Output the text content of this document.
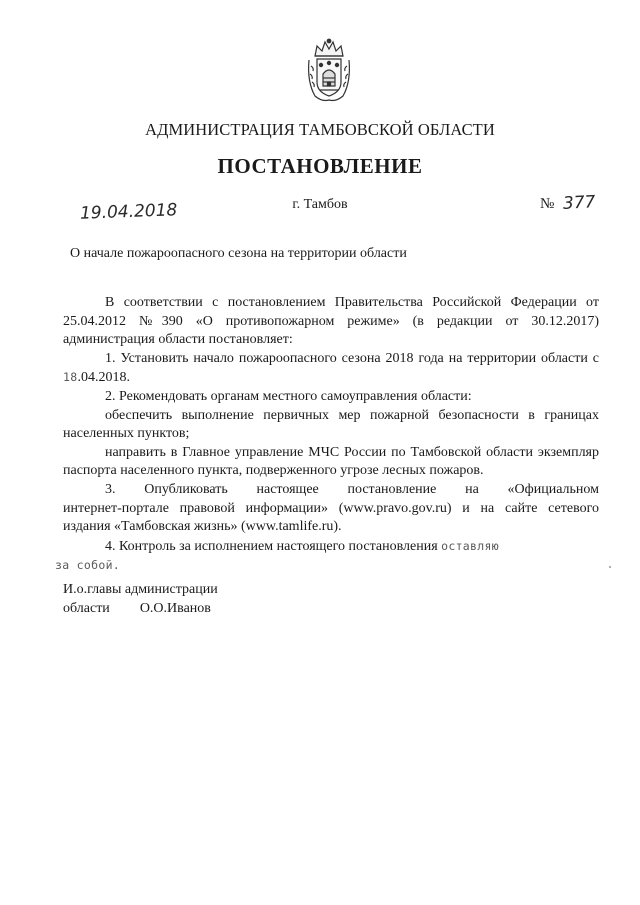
АДМИНИСТРАЦИЯ ТАМБОВСКОЙ ОБЛАСТИ
ПОСТАНОВЛЕНИЕ
19.04.2018	г. Тамбов	№ 377
О начале пожароопасного сезона на территории области

В соответствии с постановлением Правительства Российской Федерации от 25.04.2012 №390 «О противопожарном режиме» (в редакции от 30.12.2017) администрация области постановляет:

1. Установить начало пожароопасного сезона 2018 года на территории области с 18.04.2018.

2. Рекомендовать органам местного самоуправления области:

обеспечить выполнение первичных мер пожарной безопасности в границах населенных пунктов;

направить в Главное управление МЧС России по Тамбовской области экземпляр паспорта населенного пункта, подверженного угрозе лесных пожаров.

3. Опубликовать настоящее постановление на «Официальном

интернет-портале правовой информации» (www.pravo.gov.ru) и на сайте сетевого издания «Тамбовская жизнь» (www.tamlife.ru).

4. Контроль за исполнением настоящего постановления оставляю

за собой.

И.о.главы администрации
области О.О.Иванов
